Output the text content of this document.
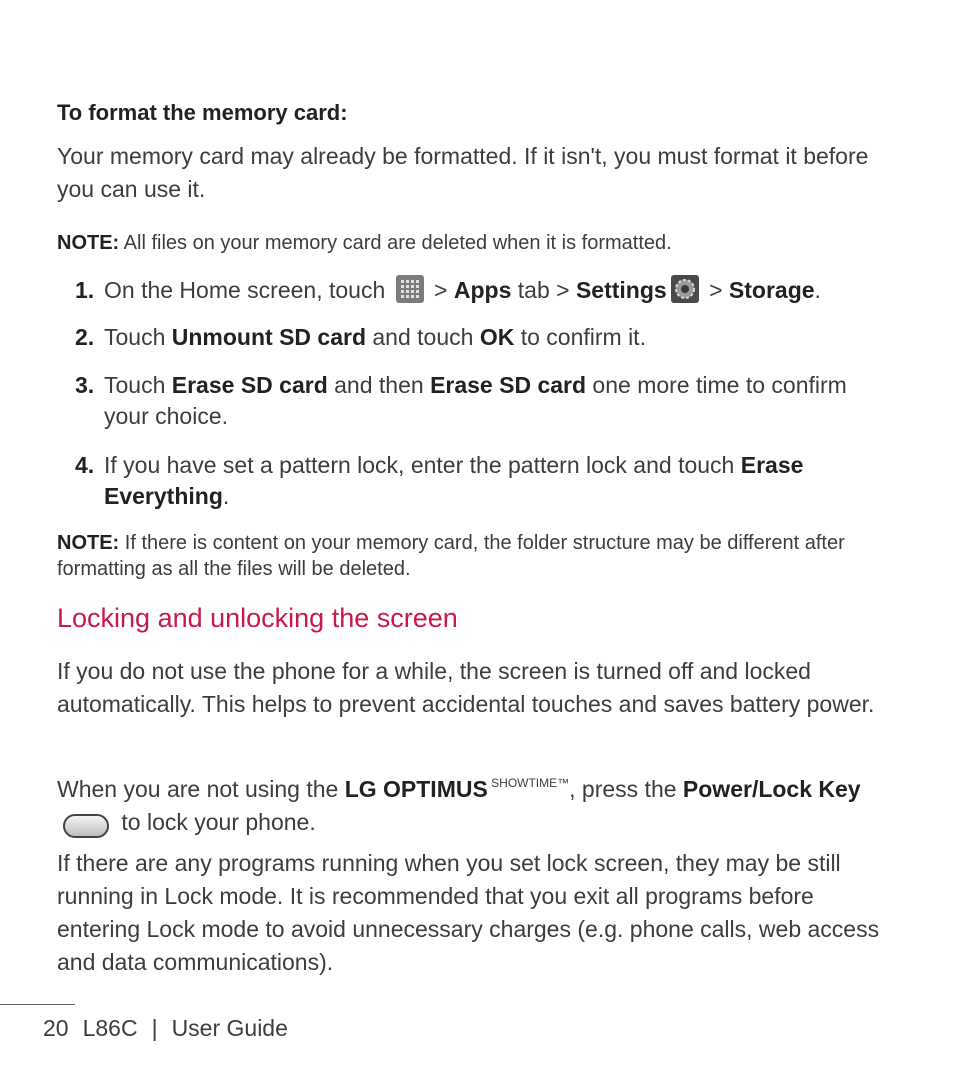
To format the memory card:
Your memory card may already be formatted. If it isn't, you must format it before you can use it.
NOTE: All files on your memory card are deleted when it is formatted.
1. On the Home screen, touch  > Apps tab > Settings > Storage.
2. Touch Unmount SD card and touch OK to confirm it.
3. Touch Erase SD card and then Erase SD card one more time to confirm your choice.
4. If you have set a pattern lock, enter the pattern lock and touch Erase Everything.
NOTE: If there is content on your memory card, the folder structure may be different after formatting as all the files will be deleted.
Locking and unlocking the screen
If you do not use the phone for a while, the screen is turned off and locked automatically. This helps to prevent accidental touches and saves battery power.
When you are not using the LG OPTIMUS $^{SHOWTIME™}$, press the Power/Lock Key to lock your phone.
If there are any programs running when you set lock screen, they may be still running in Lock mode. It is recommended that you exit all programs before entering Lock mode to avoid unnecessary charges (e.g. phone calls, web access and data communications).
20 L86C | User Guide
